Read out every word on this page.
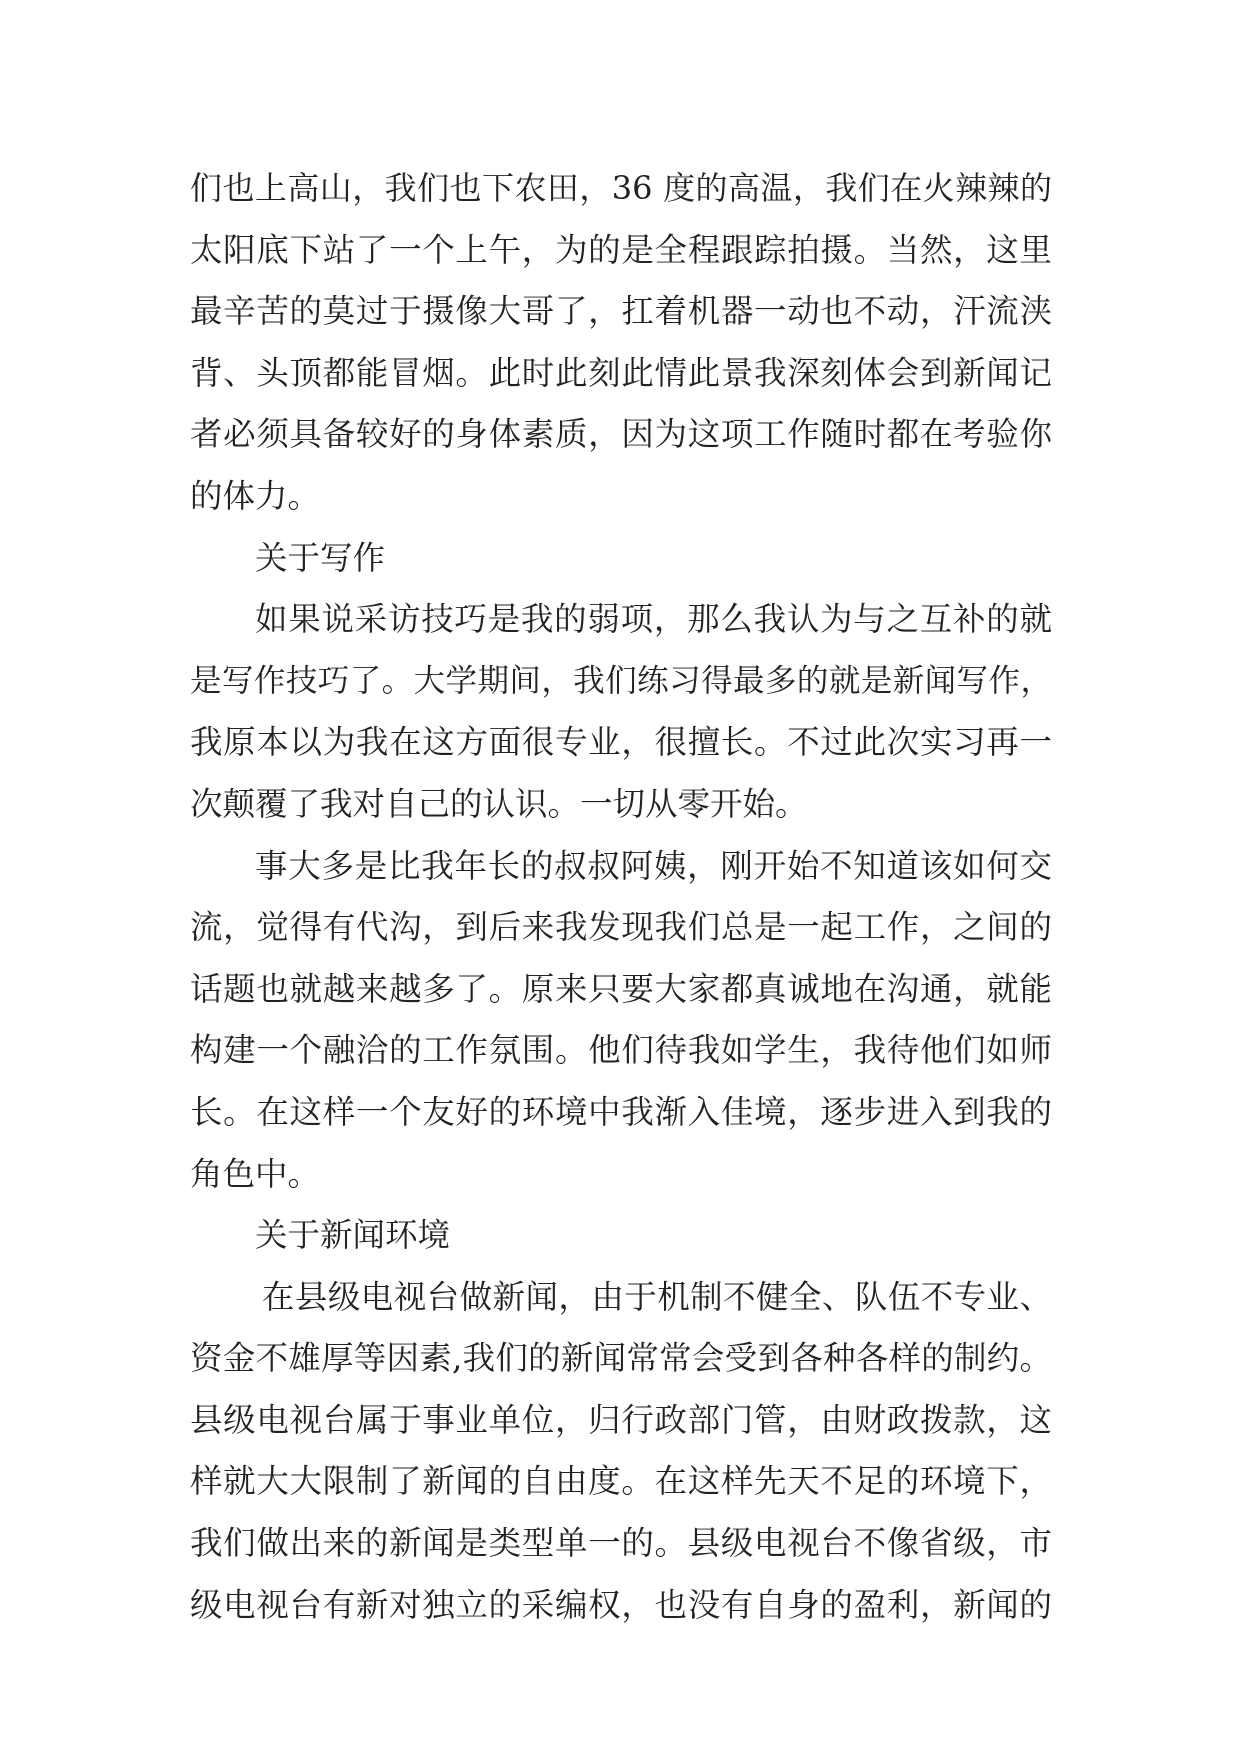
们也上高山，我们也下农田，36 度的高温，我们在火辣辣的
太阳底下站了一个上午，为的是全程跟踪拍摄。当然，这里
最辛苦的莫过于摄像大哥了，扛着机器一动也不动，汗流浃
背、头顶都能冒烟。此时此刻此情此景我深刻体会到新闻记
者必须具备较好的身体素质，因为这项工作随时都在考验你
的体力。
关于写作
如果说采访技巧是我的弱项，那么我认为与之互补的就
是写作技巧了。大学期间，我们练习得最多的就是新闻写作，
我原本以为我在这方面很专业，很擅长。不过此次实习再一
次颠覆了我对自己的认识。一切从零开始。
事大多是比我年长的叔叔阿姨，刚开始不知道该如何交
流，觉得有代沟，到后来我发现我们总是一起工作，之间的
话题也就越来越多了。原来只要大家都真诚地在沟通，就能
构建一个融洽的工作氛围。他们待我如学生，我待他们如师
长。在这样一个友好的环境中我渐入佳境，逐步进入到我的
角色中。
关于新闻环境
在县级电视台做新闻，由于机制不健全、队伍不专业、
资金不雄厚等因素,我们的新闻常常会受到各种各样的制约。
县级电视台属于事业单位，归行政部门管，由财政拨款，这
样就大大限制了新闻的自由度。在这样先天不足的环境下，
我们做出来的新闻是类型单一的。县级电视台不像省级，市
级电视台有新对独立的采编权，也没有自身的盈利，新闻的
